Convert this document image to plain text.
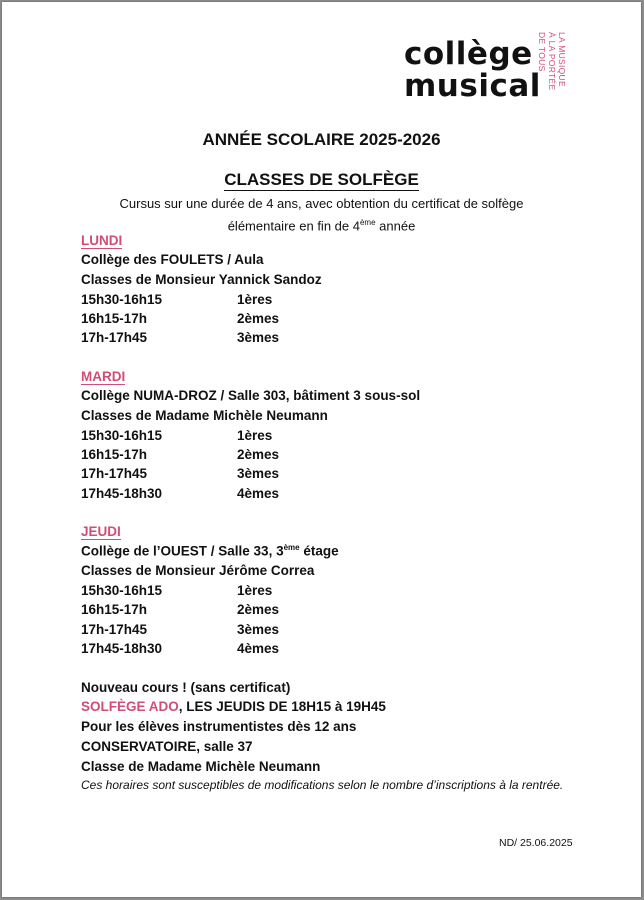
collège
musical LA MUSIQUE
À LA PORTÉE
DE TOUS
ANNÉE SCOLAIRE 2025-2026
CLASSES DE SOLFÈGE
Cursus sur une durée de 4 ans, avec obtention du certificat de solfège
élémentaire en fin de 4ème année
LUNDI
Collège des FOULETS / Aula
Classes de Monsieur Yannick Sandoz
15h30-16h15	1ères
16h15-17h	2èmes
17h-17h45	3èmes
MARDI
Collège NUMA-DROZ / Salle 303, bâtiment 3 sous-sol
Classes de Madame Michèle Neumann
15h30-16h15	1ères
16h15-17h	2èmes
17h-17h45	3èmes
17h45-18h30	4èmes
JEUDI
Collège de l’OUEST / Salle 33, 3ème étage
Classes de Monsieur Jérôme Correa
15h30-16h15	1ères
16h15-17h	2èmes
17h-17h45	3èmes
17h45-18h30	4èmes
Nouveau cours ! (sans certificat)
SOLFÈGE ADO, LES JEUDIS DE 18H15 à 19H45
Pour les élèves instrumentistes dès 12 ans
CONSERVATOIRE, salle 37
Classe de Madame Michèle Neumann
Ces horaires sont susceptibles de modifications selon le nombre d’inscriptions à la rentrée.
ND/ 25.06.2025
